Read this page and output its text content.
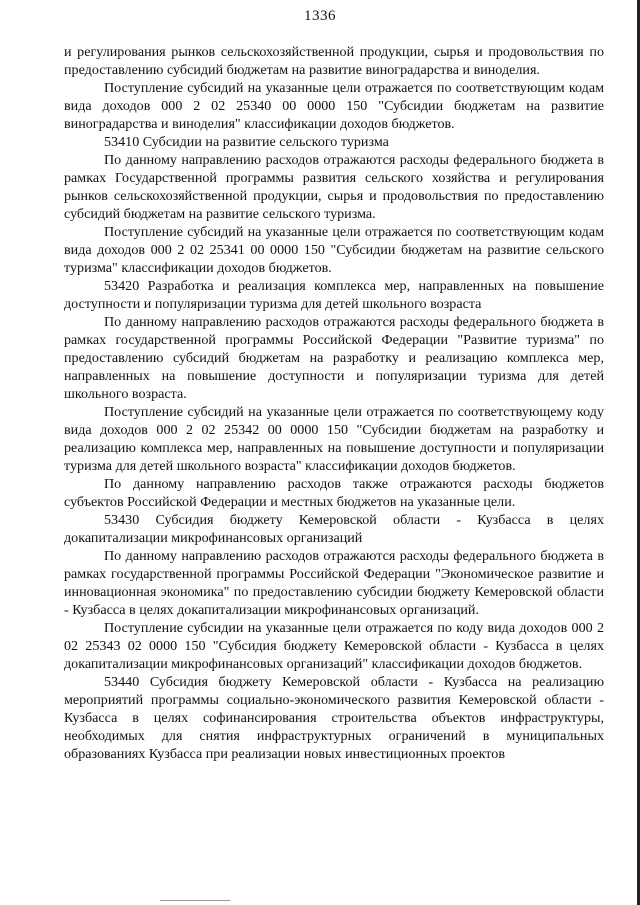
1336

и регулирования рынков сельскохозяйственной продукции, сырья и продовольствия по предоставлению субсидий бюджетам на развитие виноградарства и виноделия.

Поступление субсидий на указанные цели отражается по соответствующим кодам вида доходов 000 2 02 25340 00 0000 150 "Субсидии бюджетам на развитие виноградарства и виноделия" классификации доходов бюджетов.

53410 Субсидии на развитие сельского туризма

По данному направлению расходов отражаются расходы федерального бюджета в рамках Государственной программы развития сельского хозяйства и регулирования рынков сельскохозяйственной продукции, сырья и продовольствия по предоставлению субсидий бюджетам на развитие сельского туризма.

Поступление субсидий на указанные цели отражается по соответствующим кодам вида доходов 000 2 02 25341 00 0000 150 "Субсидии бюджетам на развитие сельского туризма" классификации доходов бюджетов.

53420 Разработка и реализация комплекса мер, направленных на повышение доступности и популяризации туризма для детей школьного возраста

По данному направлению расходов отражаются расходы федерального бюджета в рамках государственной программы Российской Федерации "Развитие туризма" по предоставлению субсидий бюджетам на разработку и реализацию комплекса мер, направленных на повышение доступности и популяризации туризма для детей школьного возраста.

Поступление субсидий на указанные цели отражается по соответствующему коду вида доходов 000 2 02 25342 00 0000 150 "Субсидии бюджетам на разработку и реализацию комплекса мер, направленных на повышение доступности и популяризации туризма для детей школьного возраста" классификации доходов бюджетов.

По данному направлению расходов также отражаются расходы бюджетов субъектов Российской Федерации и местных бюджетов на указанные цели.

53430 Субсидия бюджету Кемеровской области - Кузбасса в целях докапитализации микрофинансовых организаций

По данному направлению расходов отражаются расходы федерального бюджета в рамках государственной программы Российской Федерации "Экономическое развитие и инновационная экономика" по предоставлению субсидии бюджету Кемеровской области - Кузбасса в целях докапитализации микрофинансовых организаций.

Поступление субсидии на указанные цели отражается по коду вида доходов 000 2 02 25343 02 0000 150 "Субсидия бюджету Кемеровской области - Кузбасса в целях докапитализации микрофинансовых организаций" классификации доходов бюджетов.

53440 Субсидия бюджету Кемеровской области - Кузбасса на реализацию мероприятий программы социально-экономического развития Кемеровской области - Кузбасса в целях софинансирования строительства объектов инфраструктуры, необходимых для снятия инфраструктурных ограничений в муниципальных образованиях Кузбасса при реализации новых инвестиционных проектов
